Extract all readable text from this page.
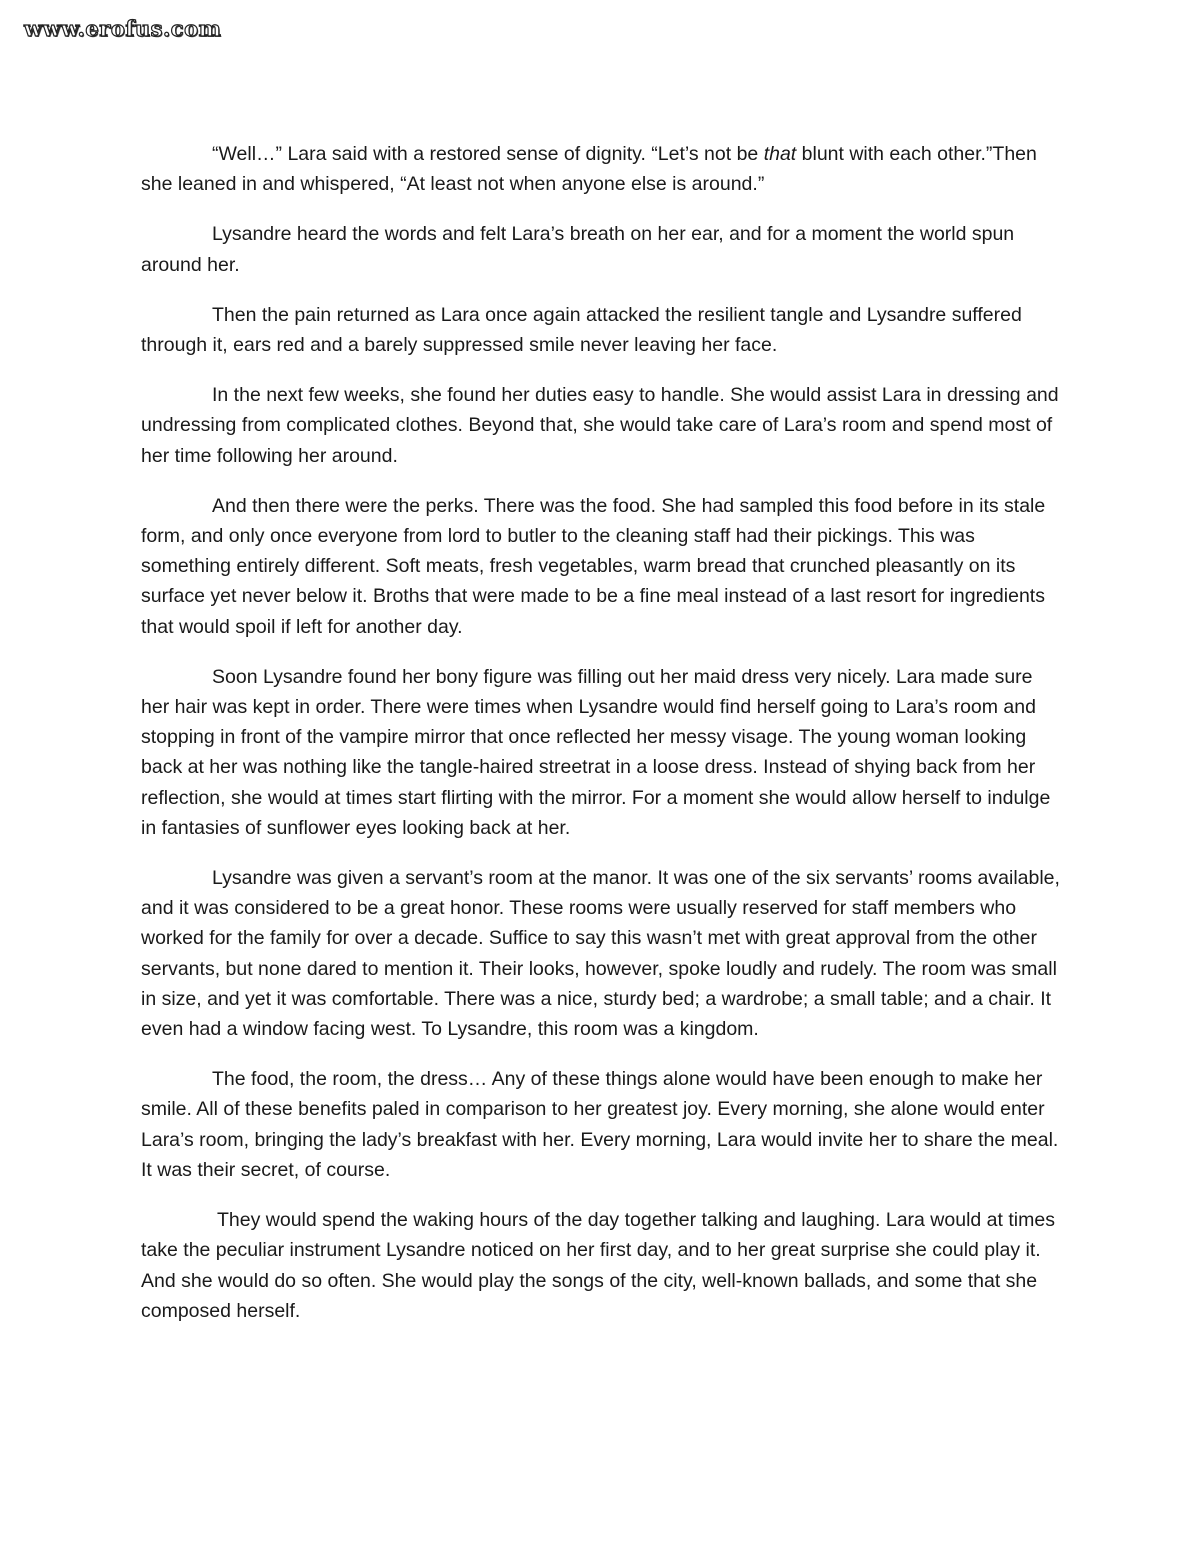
www.erofus.com

“Well…” Lara said with a restored sense of dignity. “Let’s not be that blunt with each other.”Then she leaned in and whispered, “At least not when anyone else is around.”

Lysandre heard the words and felt Lara’s breath on her ear, and for a moment the world spun around her.

Then the pain returned as Lara once again attacked the resilient tangle and Lysandre suffered through it, ears red and a barely suppressed smile never leaving her face.

In the next few weeks, she found her duties easy to handle. She would assist Lara in dressing and undressing from complicated clothes. Beyond that, she would take care of Lara’s room and spend most of her time following her around.

And then there were the perks. There was the food. She had sampled this food before in its stale form, and only once everyone from lord to butler to the cleaning staff had their pickings. This was something entirely different. Soft meats, fresh vegetables, warm bread that crunched pleasantly on its surface yet never below it. Broths that were made to be a fine meal instead of a last resort for ingredients that would spoil if left for another day.

Soon Lysandre found her bony figure was filling out her maid dress very nicely. Lara made sure her hair was kept in order. There were times when Lysandre would find herself going to Lara’s room and stopping in front of the vampire mirror that once reflected her messy visage. The young woman looking back at her was nothing like the tangle-haired streetrat in a loose dress. Instead of shying back from her reflection, she would at times start flirting with the mirror. For a moment she would allow herself to indulge in fantasies of sunflower eyes looking back at her.

Lysandre was given a servant’s room at the manor. It was one of the six servants’ rooms available, and it was considered to be a great honor. These rooms were usually reserved for staff members who worked for the family for over a decade. Suffice to say this wasn’t met with great approval from the other servants, but none dared to mention it. Their looks, however, spoke loudly and rudely. The room was small in size, and yet it was comfortable. There was a nice, sturdy bed; a wardrobe; a small table; and a chair. It even had a window facing west. To Lysandre, this room was a kingdom.

The food, the room, the dress… Any of these things alone would have been enough to make her smile. All of these benefits paled in comparison to her greatest joy. Every morning, she alone would enter Lara’s room, bringing the lady’s breakfast with her. Every morning, Lara would invite her to share the meal. It was their secret, of course.

They would spend the waking hours of the day together talking and laughing. Lara would at times take the peculiar instrument Lysandre noticed on her first day, and to her great surprise she could play it. And she would do so often. She would play the songs of the city, well-known ballads, and some that she composed herself.
